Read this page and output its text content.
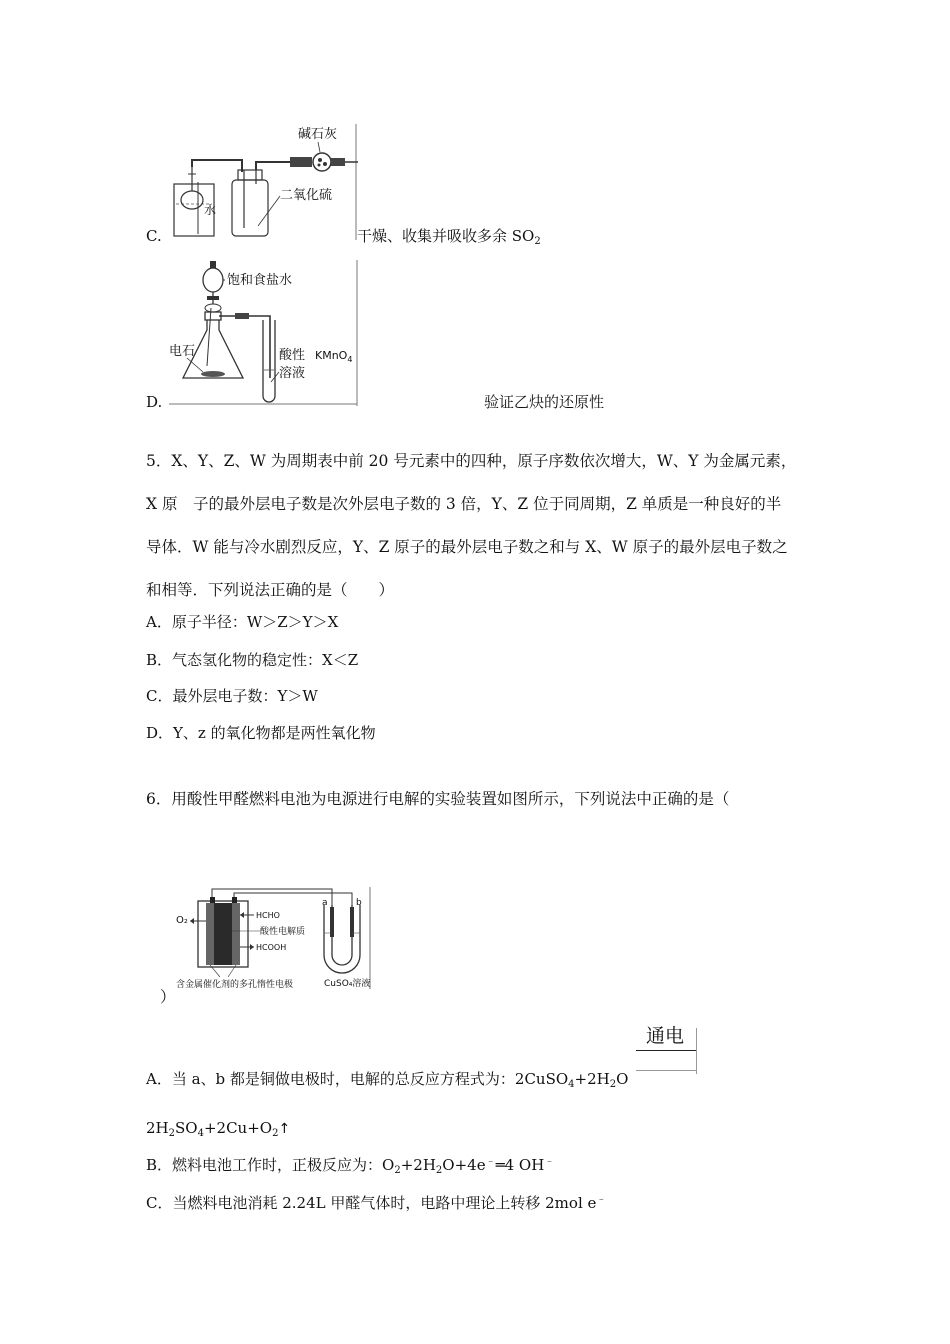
碱石灰
水
二氧化硫
C.	干燥、收集并吸收多余 $SO_2$
饱和食盐水
电石	酸性 KMnO$_4$
溶液
D.	验证乙炔的还原性
5．X、Y、Z、W 为周期表中前 20 号元素中的四种，原子序数依次增大，W、Y 为金属元素，
X 原　子的最外层电子数是次外层电子数的 3 倍，Y、Z 位于同周期，Z 单质是一种良好的半
导体．W 能与冷水剧烈反应，Y、Z 原子的最外层电子数之和与 X、W 原子的最外层电子数之
和相等．下列说法正确的是（　　）
A．原子半径：W＞Z＞Y＞X
B．气态氢化物的稳定性：X＜Z
C．最外层电子数：Y＞W
D．Y、z 的氧化物都是两性氧化物
6．用酸性甲醛燃料电池为电源进行电解的实验装置如图所示，下列说法中正确的是（
O₂	HCHO
酸性电解质
HCOOH
含金属催化剂的多孔惰性电极
a	b
CuSO₄溶液
）
通电
A．当 a、b 都是铜做电极时，电解的总反应方程式为：$2CuSO_4+2H_2O$
$2H_2SO_4+2Cu+O_2↑$
B．燃料电池工作时，正极反应为：$O_2+2H_2O+4e^﹣═4$ OH﹣
C．当燃料电池消耗 2.24L 甲醛气体时，电路中理论上转移 2mol e﹣
